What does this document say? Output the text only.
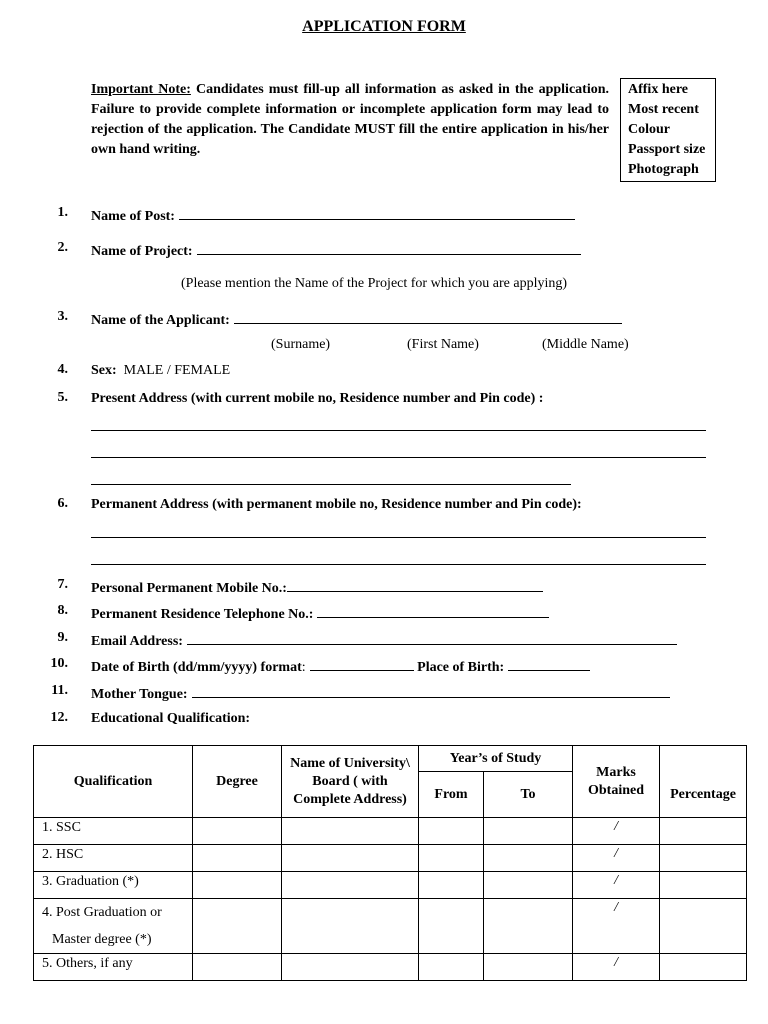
APPLICATION FORM
Important Note: Candidates must fill-up all information as asked in the application. Failure to provide complete information or incomplete application form may lead to rejection of the application. The Candidate MUST fill the entire application in his/her own hand writing.
Affix here
Most recent
Colour
Passport size
Photograph
1. Name of Post:
2. Name of Project:
(Please mention the Name of the Project for which you are applying)
3. Name of the Applicant:
(Surname)	(First Name)	(Middle Name)
4. Sex: MALE / FEMALE
5. Present Address (with current mobile no, Residence number and Pin code) :
6. Permanent Address (with permanent mobile no, Residence number and Pin code):
7. Personal Permanent Mobile No.:
8. Permanent Residence Telephone No.:
9. Email Address:
10. Date of Birth (dd/mm/yyyy) format:	Place of Birth:
11. Mother Tongue:
12. Educational Qualification:
Qualification	Degree	Name of University\ Board ( with Complete Address)	Year’s of Study		Marks Obtained	Percentage
			From	To		
1. SSC					/	
2. HSC					/	
3. Graduation (*)					/	

4. Post Graduation or
Master degree (*)					/	
5. Others, if any					/	
